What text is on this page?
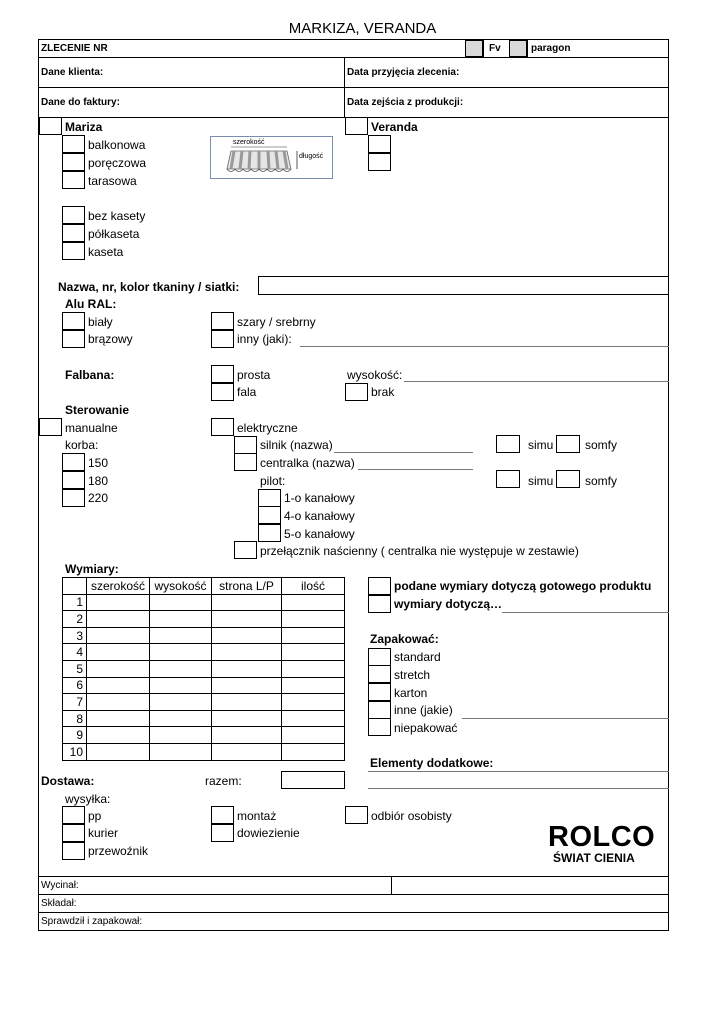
MARKIZA, VERANDA
ZLECENIE NR	Fv	paragon
Dane klienta:	Data przyjęcia zlecenia:
Dane do faktury:	Data zejścia z produkcji:
Mariza
balkonowa
poręczowa
tarasowa
szerokość
długość
Veranda
bez kasety
półkaseta
kaseta
Nazwa, nr, kolor tkaniny / siatki:
Alu RAL:
biały
brązowy
szary / srebrny
inny (jaki):
Falbana:	prosta
fala
wysokość:
brak
Sterowanie
manualne
korba:
150
180
220
elektryczne
silnik (nazwa)
centralka (nazwa)
pilot:
1-o kanałowy
4-o kanałowy
5-o kanałowy
przełącznik naścienny ( centralka nie występuje w zestawie)
simu	somfy
simu	somfy
Wymiary:
	szerokość	wysokość	strona L/P	ilość
1				
2				
3				
4				
5				
6				
7				
8				
9				
10				
podane wymiary dotyczą gotowego produktu
wymiary dotyczą…
Zapakować:
standard
stretch
karton
inne (jakie)
niepakować
Elementy dodatkowe:
Dostawa:	razem:
wysyłka:
pp
kurier
przewoźnik
montaż
dowiezienie
odbiór osobisty
ROLCO
ŚWIAT CIENIA
Wycinał:
Składał:
Sprawdził i zapakował:
